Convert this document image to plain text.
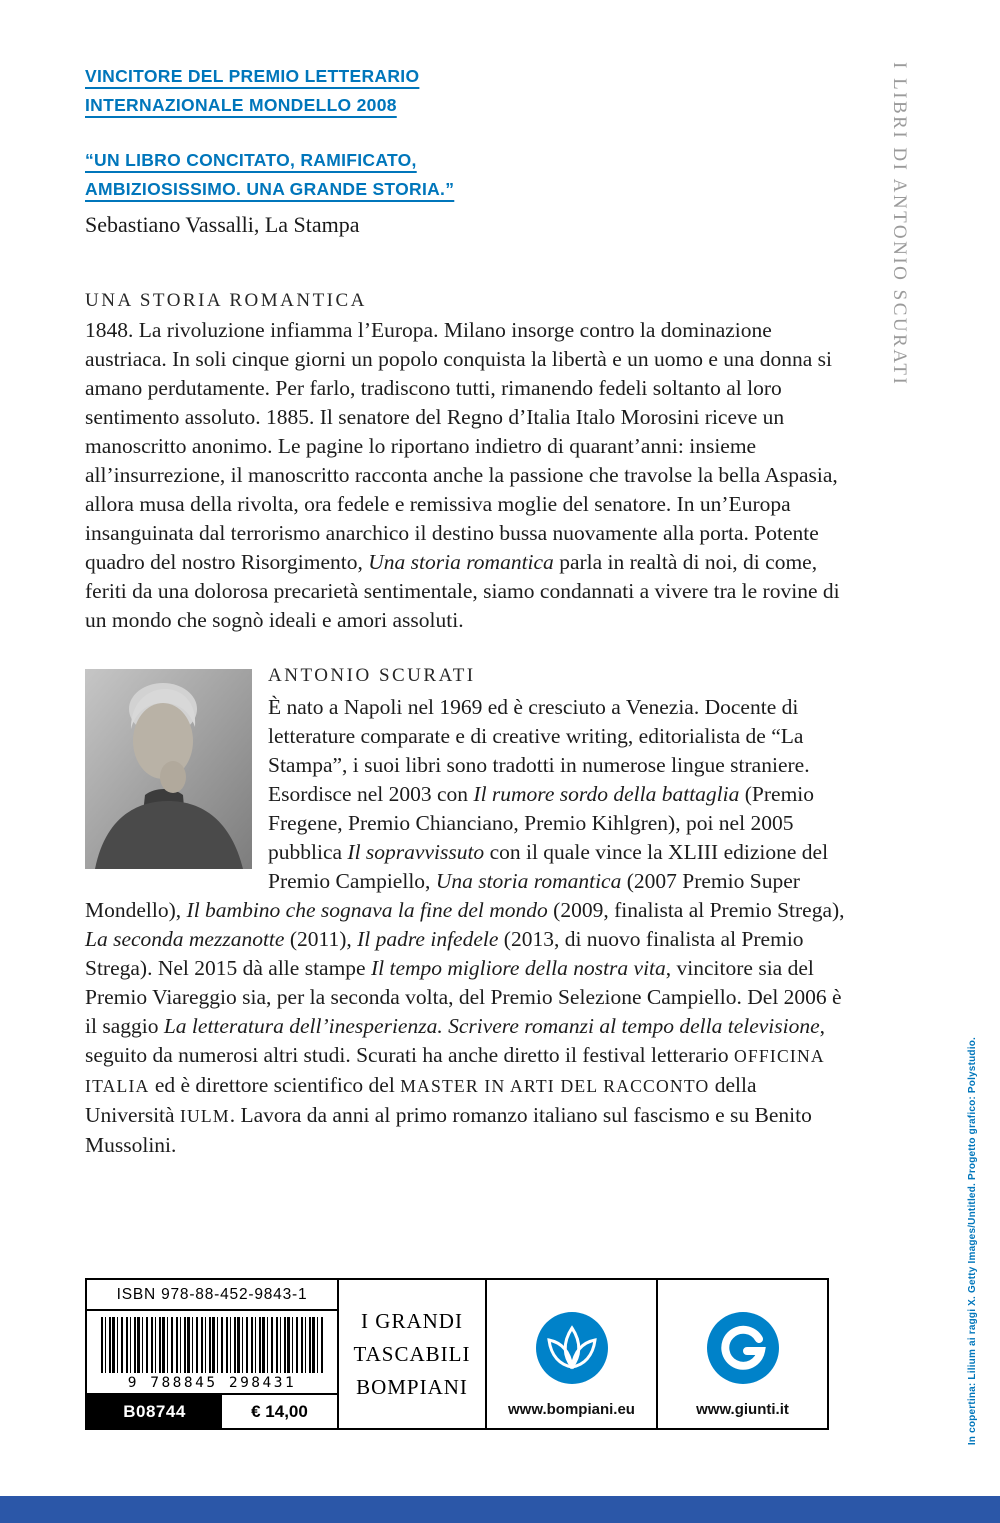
VINCITORE DEL PREMIO LETTERARIO INTERNAZIONALE MONDELLO 2008
“UN LIBRO CONCITATO, RAMIFICATO, AMBIZIOSISSIMO. UNA GRANDE STORIA.”
Sebastiano Vassalli, La Stampa
UNA STORIA ROMANTICA
1848. La rivoluzione infiamma l’Europa. Milano insorge contro la dominazione austriaca. In soli cinque giorni un popolo conquista la libertà e un uomo e una donna si amano perdutamente. Per farlo, tradiscono tutti, rimanendo fedeli soltanto al loro sentimento assoluto. 1885. Il senatore del Regno d’Italia Italo Morosini riceve un manoscritto anonimo. Le pagine lo riportano indietro di quarant’anni: insieme all’insurrezione, il manoscritto racconta anche la passione che travolse la bella Aspasia, allora musa della rivolta, ora fedele e remissiva moglie del senatore. In un’Europa insanguinata dal terrorismo anarchico il destino bussa nuovamente alla porta. Potente quadro del nostro Risorgimento, Una storia romantica parla in realtà di noi, di come, feriti da una dolorosa precarietà sentimentale, siamo condannati a vivere tra le rovine di un mondo che sognò ideali e amori assoluti.
ANTONIO SCURATI
È nato a Napoli nel 1969 ed è cresciuto a Venezia. Docente di letterature comparate e di creative writing, editorialista de “La Stampa”, i suoi libri sono tradotti in numerose lingue straniere. Esordisce nel 2003 con Il rumore sordo della battaglia (Premio Fregene, Premio Chianciano, Premio Kihlgren), poi nel 2005 pubblica Il sopravvissuto con il quale vince la XLIII edizione del Premio Campiello, Una storia romantica (2007 Premio Super Mondello), Il bambino che sognava la fine del mondo (2009, finalista al Premio Strega), La seconda mezzanotte (2011), Il padre infedele (2013, di nuovo finalista al Premio Strega). Nel 2015 dà alle stampe Il tempo migliore della nostra vita, vincitore sia del Premio Viareggio sia, per la seconda volta, del Premio Selezione Campiello. Del 2006 è il saggio La letteratura dell’inesperienza. Scrivere romanzi al tempo della televisione, seguito da numerosi altri studi. Scurati ha anche diretto il festival letterario OFFICINA ITALIA ed è direttore scientifico del MASTER IN ARTI DEL RACCONTO della Università IULM. Lavora da anni al primo romanzo italiano sul fascismo e su Benito Mussolini.
I LIBRI DI ANTONIO SCURATI
In copertina: Lilium ai raggi X. Getty Images/Untitled. Progetto grafico: Polystudio.
ISBN 978-88-452-9843-1
9 788845 298431
B08744	€ 14,00
I GRANDI
TASCABILI
BOMPIANI
www.bompiani.eu	www.giunti.it
